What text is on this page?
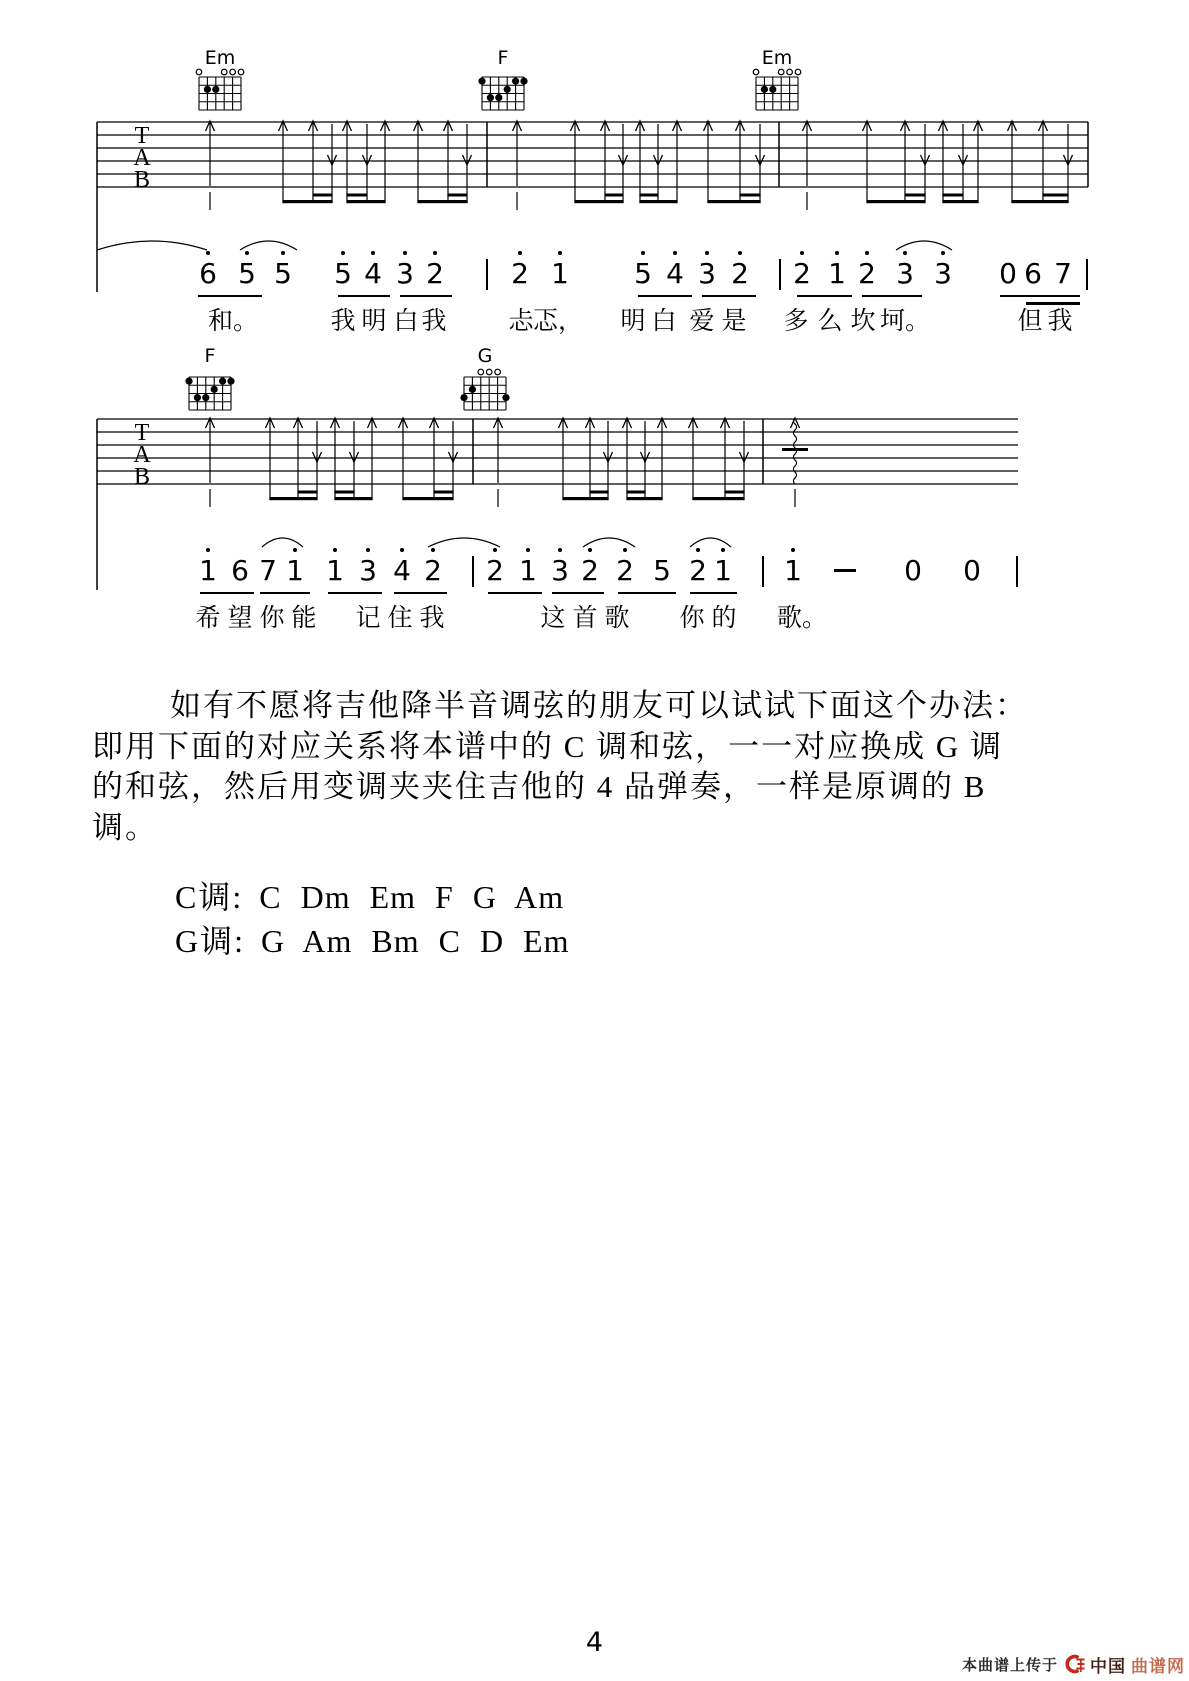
T
A
B
Em	F	Em
T
A
B
F	G
6 5 5 5 4 3 2 2 1 5 4 3 2 2 1 2 3 3 0 6 7
和。	我 明 白 我	忐 忑，	明 白 爱 是	多 么 坎 坷。	但 我
1 6 7 1 1 3 4 2 2 1 3 2 2 5 2 1 1	0 0
希 望 你 能	记 住 我	这 首 歌	你 的	歌。
如有不愿将吉他降半音调弦的朋友可以试试下面这个办法：
即用下面的对应关系将本谱中的 C 调和弦，一一对应换成 G 调
的和弦，然后用变调夹夹住吉他的 4 品弹奏，一样是原调的 B
调。
C调: C Dm Em F G Am
G调: G Am Bm C D Em
4
本曲谱上传于 中国 曲谱网
